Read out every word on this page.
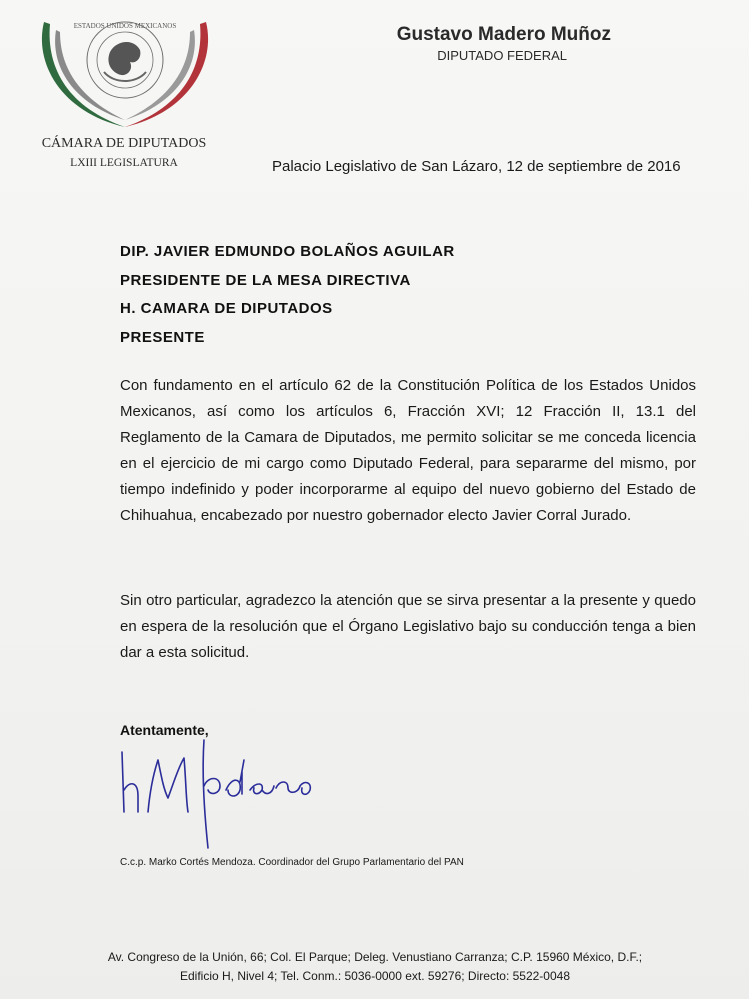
ESTADOS UNIDOS MEXICANOS
CÁMARA DE DIPUTADOS
LXIII LEGISLATURA
Gustavo Madero Muñoz
DIPUTADO FEDERAL
Palacio Legislativo de San Lázaro, 12 de septiembre de 2016
DIP. JAVIER EDMUNDO BOLAÑOS AGUILAR
PRESIDENTE DE LA MESA DIRECTIVA
H. CAMARA DE DIPUTADOS
PRESENTE
Con fundamento en el artículo 62 de la Constitución Política de los Estados Unidos Mexicanos, así como los artículos 6, Fracción XVI; 12 Fracción II, 13.1 del Reglamento de la Camara de Diputados, me permito solicitar se me conceda licencia en el ejercicio de mi cargo como Diputado Federal, para separarme del mismo, por tiempo indefinido y poder incorporarme al equipo del nuevo gobierno del Estado de Chihuahua, encabezado por nuestro gobernador electo Javier Corral Jurado.
Sin otro particular, agradezco la atención que se sirva presentar a la presente y quedo en espera de la resolución que el Órgano Legislativo bajo su conducción tenga a bien dar a esta solicitud.
Atentamente,
C.c.p. Marko Cortés Mendoza. Coordinador del Grupo Parlamentario del PAN
Av. Congreso de la Unión, 66; Col. El Parque; Deleg. Venustiano Carranza; C.P. 15960 México, D.F.;
Edificio H, Nivel 4; Tel. Conm.: 5036-0000 ext. 59276; Directo: 5522-0048
